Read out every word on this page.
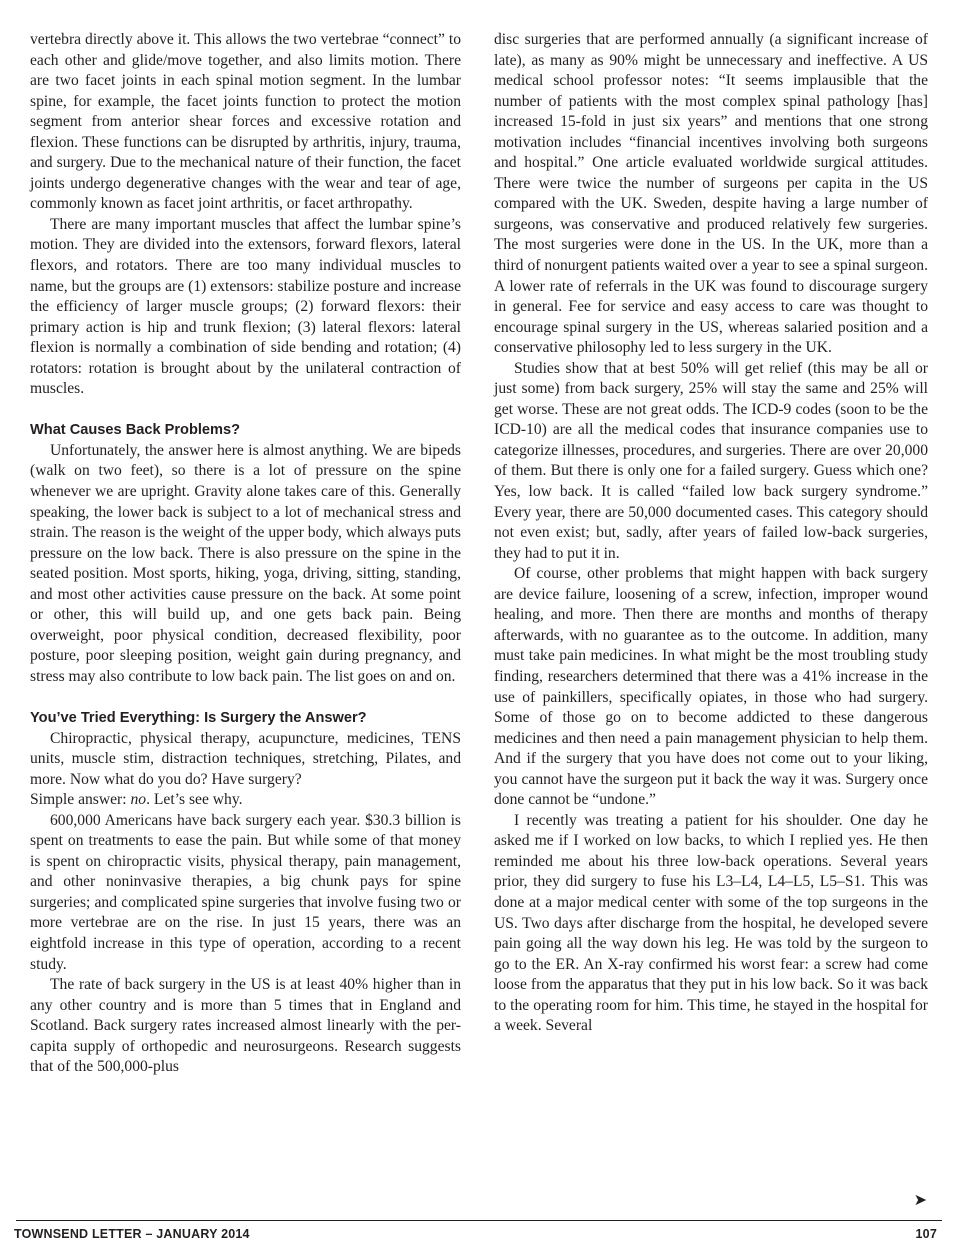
vertebra directly above it. This allows the two vertebrae “connect” to each other and glide/move together, and also limits motion. There are two facet joints in each spinal motion segment. In the lumbar spine, for example, the facet joints function to protect the motion segment from anterior shear forces and excessive rotation and flexion. These functions can be disrupted by arthritis, injury, trauma, and surgery. Due to the mechanical nature of their function, the facet joints undergo degenerative changes with the wear and tear of age, commonly known as facet joint arthritis, or facet arthropathy.

There are many important muscles that affect the lumbar spine’s motion. They are divided into the extensors, forward flexors, lateral flexors, and rotators. There are too many individual muscles to name, but the groups are (1) extensors: stabilize posture and increase the efficiency of larger muscle groups; (2) forward flexors: their primary action is hip and trunk flexion; (3) lateral flexors: lateral flexion is normally a combination of side bending and rotation; (4) rotators: rotation is brought about by the unilateral contraction of muscles.

What Causes Back Problems?

Unfortunately, the answer here is almost anything. We are bipeds (walk on two feet), so there is a lot of pressure on the spine whenever we are upright. Gravity alone takes care of this. Generally speaking, the lower back is subject to a lot of mechanical stress and strain. The reason is the weight of the upper body, which always puts pressure on the low back. There is also pressure on the spine in the seated position. Most sports, hiking, yoga, driving, sitting, standing, and most other activities cause pressure on the back. At some point or other, this will build up, and one gets back pain. Being overweight, poor physical condition, decreased flexibility, poor posture, poor sleeping position, weight gain during pregnancy, and stress may also contribute to low back pain. The list goes on and on.

You’ve Tried Everything: Is Surgery the Answer?

Chiropractic, physical therapy, acupuncture, medicines, TENS units, muscle stim, distraction techniques, stretching, Pilates, and more. Now what do you do? Have surgery?

Simple answer: no. Let’s see why.

600,000 Americans have back surgery each year. $30.3 billion is spent on treatments to ease the pain. But while some of that money is spent on chiropractic visits, physical therapy, pain management, and other noninvasive therapies, a big chunk pays for spine surgeries; and complicated spine surgeries that involve fusing two or more vertebrae are on the rise. In just 15 years, there was an eightfold increase in this type of operation, according to a recent study.

The rate of back surgery in the US is at least 40% higher than in any other country and is more than 5 times that in England and Scotland. Back surgery rates increased almost linearly with the per-capita supply of orthopedic and neurosurgeons. Research suggests that of the 500,000-plus

disc surgeries that are performed annually (a significant increase of late), as many as 90% might be unnecessary and ineffective. A US medical school professor notes: “It seems implausible that the number of patients with the most complex spinal pathology [has] increased 15-fold in just six years” and mentions that one strong motivation includes “financial incentives involving both surgeons and hospital.” One article evaluated worldwide surgical attitudes. There were twice the number of surgeons per capita in the US compared with the UK. Sweden, despite having a large number of surgeons, was conservative and produced relatively few surgeries. The most surgeries were done in the US. In the UK, more than a third of nonurgent patients waited over a year to see a spinal surgeon. A lower rate of referrals in the UK was found to discourage surgery in general. Fee for service and easy access to care was thought to encourage spinal surgery in the US, whereas salaried position and a conservative philosophy led to less surgery in the UK.

Studies show that at best 50% will get relief (this may be all or just some) from back surgery, 25% will stay the same and 25% will get worse. These are not great odds. The ICD-9 codes (soon to be the ICD-10) are all the medical codes that insurance companies use to categorize illnesses, procedures, and surgeries. There are over 20,000 of them. But there is only one for a failed surgery. Guess which one? Yes, low back. It is called “failed low back surgery syndrome.” Every year, there are 50,000 documented cases. This category should not even exist; but, sadly, after years of failed low-back surgeries, they had to put it in.

Of course, other problems that might happen with back surgery are device failure, loosening of a screw, infection, improper wound healing, and more. Then there are months and months of therapy afterwards, with no guarantee as to the outcome. In addition, many must take pain medicines. In what might be the most troubling study finding, researchers determined that there was a 41% increase in the use of painkillers, specifically opiates, in those who had surgery. Some of those go on to become addicted to these dangerous medicines and then need a pain management physician to help them. And if the surgery that you have does not come out to your liking, you cannot have the surgeon put it back the way it was. Surgery once done cannot be “undone.”

I recently was treating a patient for his shoulder. One day he asked me if I worked on low backs, to which I replied yes. He then reminded me about his three low-back operations. Several years prior, they did surgery to fuse his L3–L4, L4–L5, L5–S1. This was done at a major medical center with some of the top surgeons in the US. Two days after discharge from the hospital, he developed severe pain going all the way down his leg. He was told by the surgeon to go to the ER. An X-ray confirmed his worst fear: a screw had come loose from the apparatus that they put in his low back. So it was back to the operating room for him. This time, he stayed in the hospital for a week. Several

➤
TOWNSEND LETTER – JANUARY 2014	107
